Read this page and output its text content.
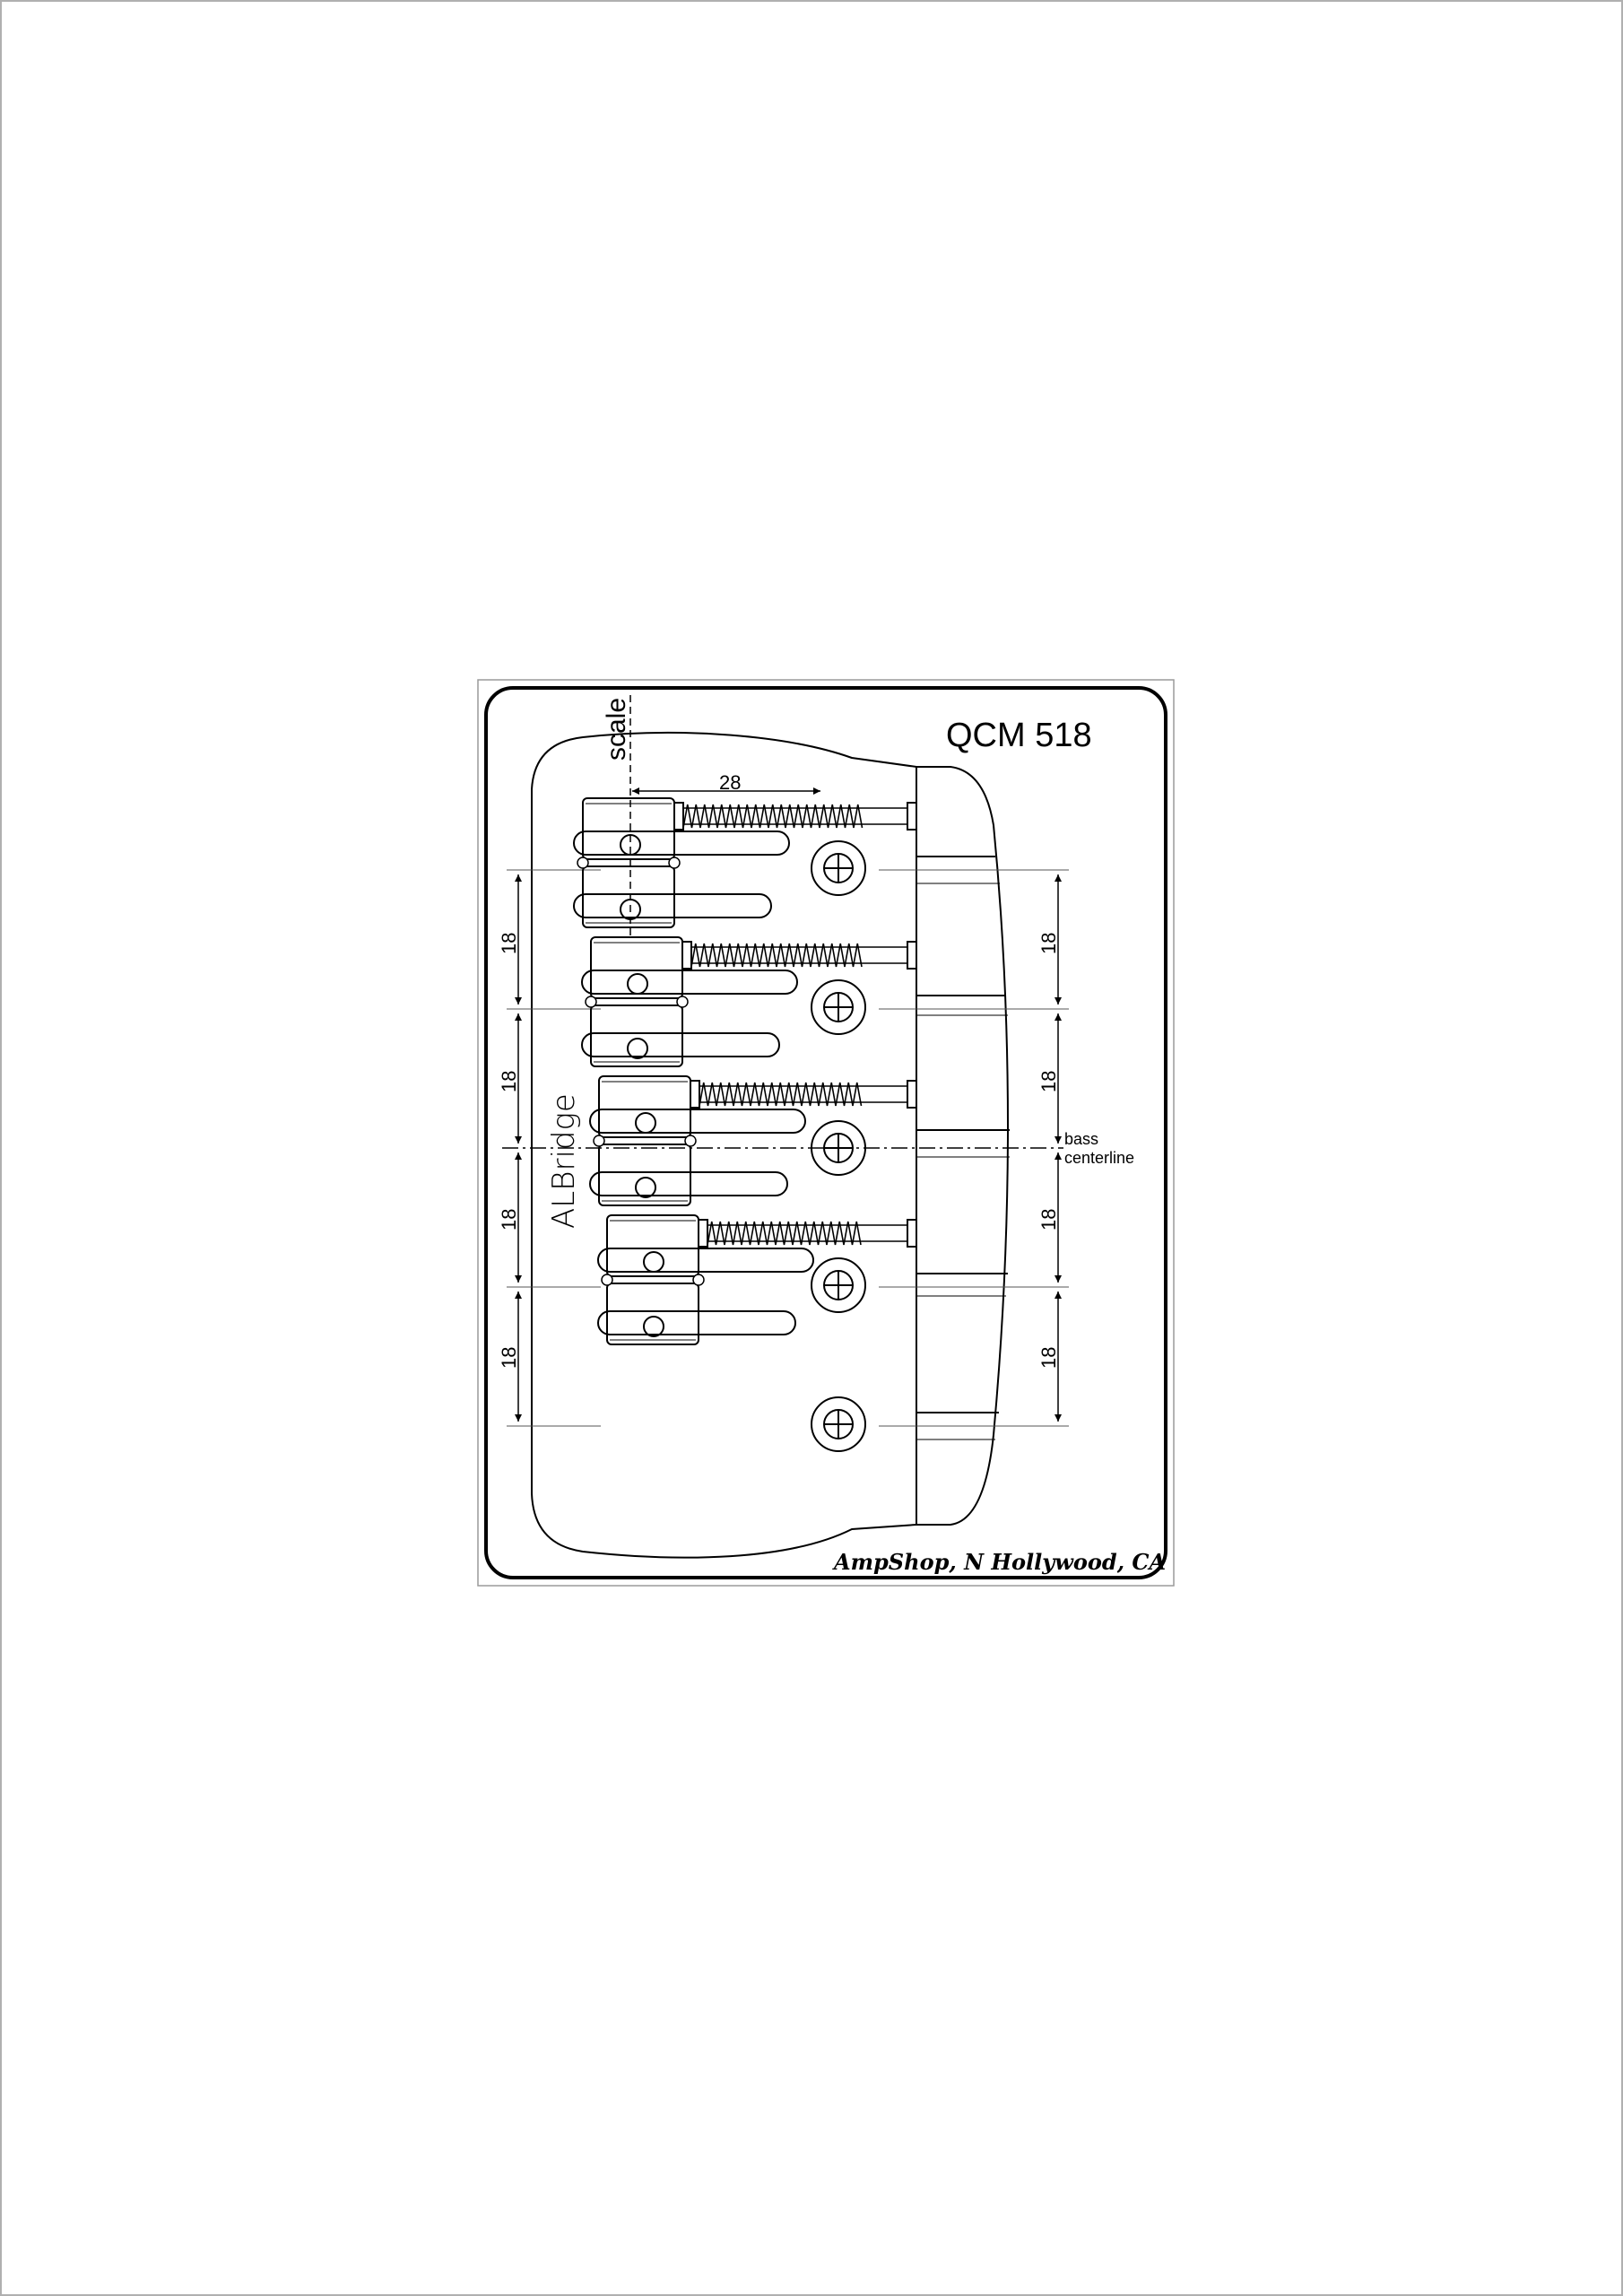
QCM 518
scale
28
18
18
18
18
18
18
18
18
bass
centerline
ALBridge
AmpShop, N Hollywood, CA
